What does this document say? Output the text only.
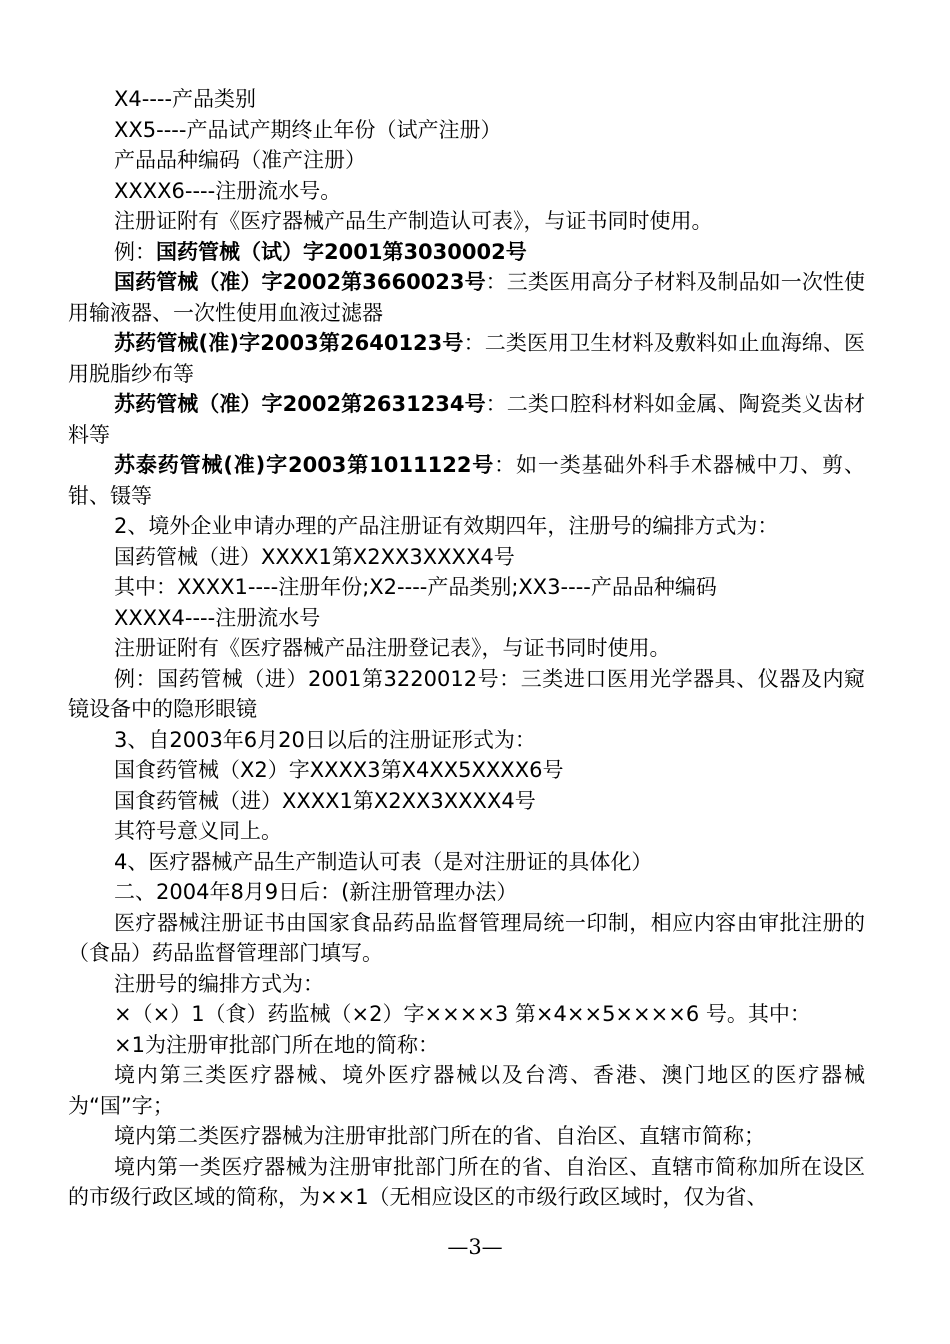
X4----产品类别

XX5----产品试产期终止年份（试产注册）

产品品种编码（准产注册）

XXXX6----注册流水号。

注册证附有《医疗器械产品生产制造认可表》，与证书同时使用。

例：国药管械（试）字2001第3030002号

国药管械（准）字2002第3660023号：三类医用高分子材料及制品如一次性使用输液器、一次性使用血液过滤器

苏药管械(准)字2003第2640123号：二类医用卫生材料及敷料如止血海绵、医用脱脂纱布等

苏药管械（准）字2002第2631234号：二类口腔科材料如金属、陶瓷类义齿材料等

苏泰药管械(准)字2003第1011122号：如一类基础外科手术器械中刀、剪、钳、镊等

2、境外企业申请办理的产品注册证有效期四年，注册号的编排方式为：

国药管械（进）XXXX1第X2XX3XXXX4号

其中：XXXX1----注册年份;X2----产品类别;XX3----产品品种编码

XXXX4----注册流水号

注册证附有《医疗器械产品注册登记表》，与证书同时使用。

例：国药管械（进）2001第3220012号：三类进口医用光学器具、仪器及内窥镜设备中的隐形眼镜

3、自2003年6月20日以后的注册证形式为：

国食药管械（X2）字XXXX3第X4XX5XXXX6号

国食药管械（进）XXXX1第X2XX3XXXX4号

其符号意义同上。

4、医疗器械产品生产制造认可表（是对注册证的具体化）

二、2004年8月9日后：(新注册管理办法）

医疗器械注册证书由国家食品药品监督管理局统一印制，相应内容由审批注册的（食品）药品监督管理部门填写。

注册号的编排方式为：

×（×）1（食）药监械（×2）字××××3 第×4××5××××6 号。其中：

×1为注册审批部门所在地的简称：

境内第三类医疗器械、境外医疗器械以及台湾、香港、澳门地区的医疗器械为“国”字；

境内第二类医疗器械为注册审批部门所在的省、自治区、直辖市简称；

境内第一类医疗器械为注册审批部门所在的省、自治区、直辖市简称加所在设区的市级行政区域的简称，为××1（无相应设区的市级行政区域时，仅为省、

—3—
